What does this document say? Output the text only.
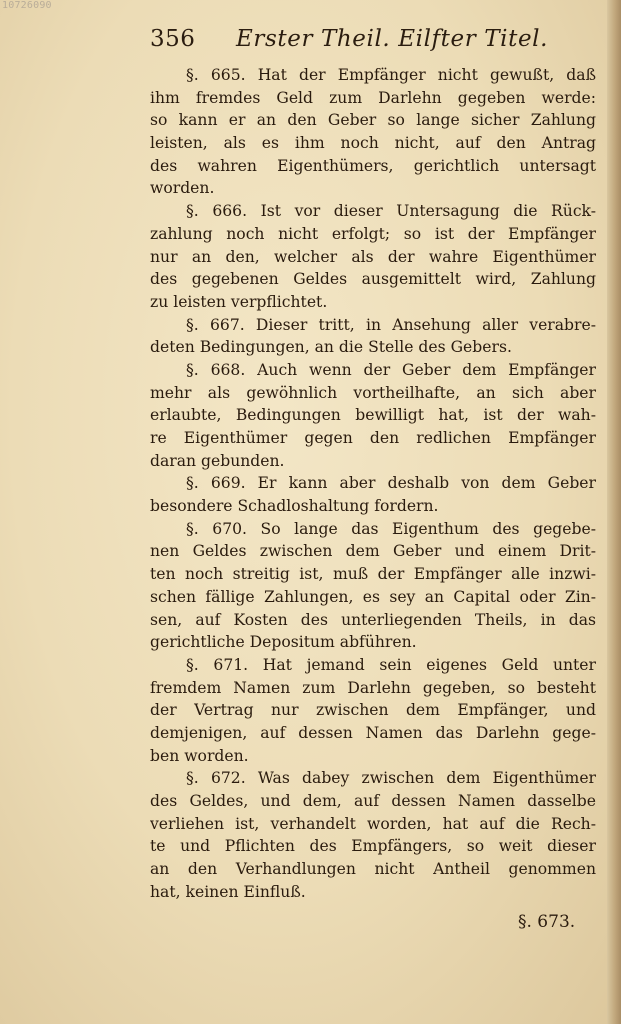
10726090
356 Erster Theil. Eilfter Titel.
§. 665. Hat der Empfänger nicht gewußt, daß
ihm fremdes Geld zum Darlehn gegeben werde:
so kann er an den Geber so lange sicher Zahlung
leisten, als es ihm noch nicht, auf den Antrag
des wahren Eigenthümers, gerichtlich untersagt
worden.
§. 666. Ist vor dieser Untersagung die Rück-
zahlung noch nicht erfolgt; so ist der Empfänger
nur an den, welcher als der wahre Eigenthümer
des gegebenen Geldes ausgemittelt wird, Zahlung
zu leisten verpflichtet.
§. 667. Dieser tritt, in Ansehung aller verabre-
deten Bedingungen, an die Stelle des Gebers.
§. 668. Auch wenn der Geber dem Empfänger
mehr als gewöhnlich vortheilhafte, an sich aber
erlaubte, Bedingungen bewilligt hat, ist der wah-
re Eigenthümer gegen den redlichen Empfänger
daran gebunden.
§. 669. Er kann aber deshalb von dem Geber
besondere Schadloshaltung fordern.
§. 670. So lange das Eigenthum des gegebe-
nen Geldes zwischen dem Geber und einem Drit-
ten noch streitig ist, muß der Empfänger alle inzwi-
schen fällige Zahlungen, es sey an Capital oder Zin-
sen, auf Kosten des unterliegenden Theils, in das
gerichtliche Depositum abführen.
§. 671. Hat jemand sein eigenes Geld unter
fremdem Namen zum Darlehn gegeben, so besteht
der Vertrag nur zwischen dem Empfänger, und
demjenigen, auf dessen Namen das Darlehn gege-
ben worden.
§. 672. Was dabey zwischen dem Eigenthümer
des Geldes, und dem, auf dessen Namen dasselbe
verliehen ist, verhandelt worden, hat auf die Rech-
te und Pflichten des Empfängers, so weit dieser
an den Verhandlungen nicht Antheil genommen
hat, keinen Einfluß.
§. 673.
